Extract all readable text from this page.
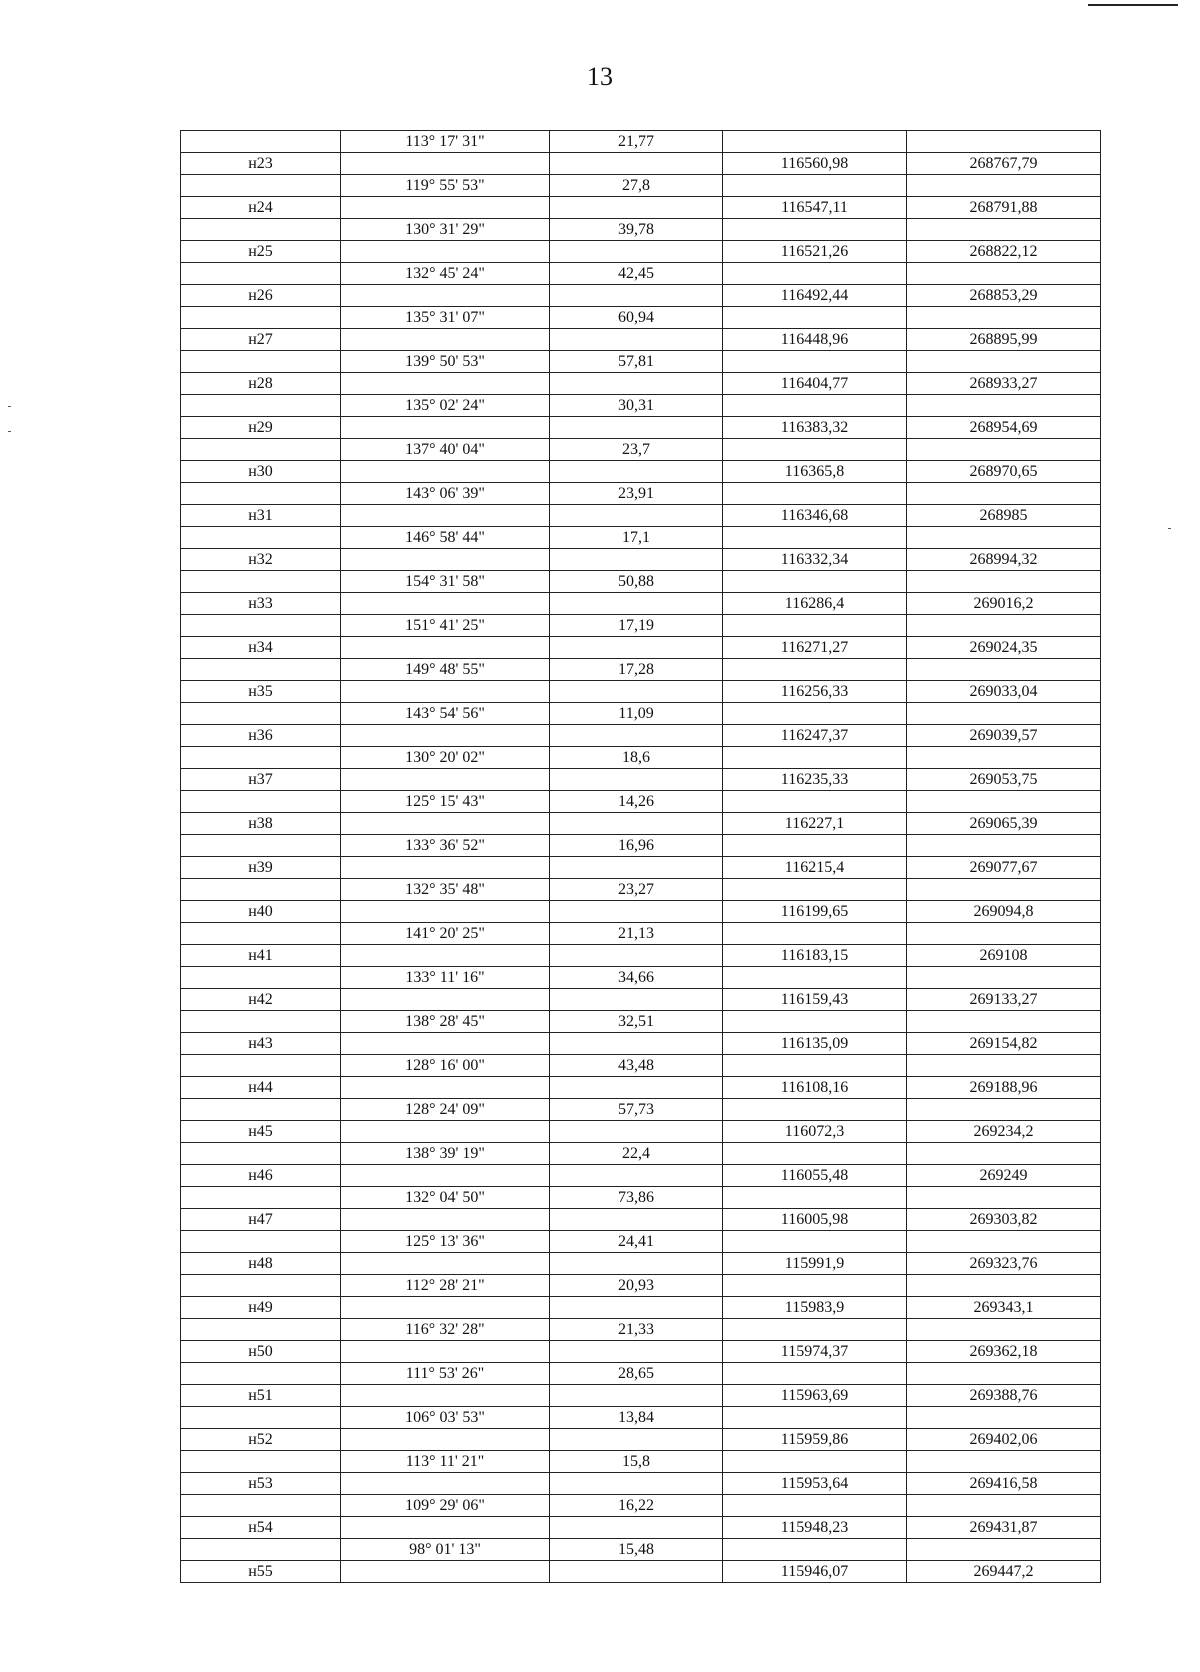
13
	113° 17' 31"	21,77		
н23			116560,98	268767,79
	119° 55' 53"	27,8		
н24			116547,11	268791,88
	130° 31' 29"	39,78		
н25			116521,26	268822,12
	132° 45' 24"	42,45		
н26			116492,44	268853,29
	135° 31' 07"	60,94		
н27			116448,96	268895,99
	139° 50' 53"	57,81		
н28			116404,77	268933,27
	135° 02' 24"	30,31		
н29			116383,32	268954,69
	137° 40' 04"	23,7		
н30			116365,8	268970,65
	143° 06' 39"	23,91		
н31			116346,68	268985
	146° 58' 44"	17,1		
н32			116332,34	268994,32
	154° 31' 58"	50,88		
н33			116286,4	269016,2
	151° 41' 25"	17,19		
н34			116271,27	269024,35
	149° 48' 55"	17,28		
н35			116256,33	269033,04
	143° 54' 56"	11,09		
н36			116247,37	269039,57
	130° 20' 02"	18,6		
н37			116235,33	269053,75
	125° 15' 43"	14,26		
н38			116227,1	269065,39
	133° 36' 52"	16,96		
н39			116215,4	269077,67
	132° 35' 48"	23,27		
н40			116199,65	269094,8
	141° 20' 25"	21,13		
н41			116183,15	269108
	133° 11' 16"	34,66		
н42			116159,43	269133,27
	138° 28' 45"	32,51		
н43			116135,09	269154,82
	128° 16' 00"	43,48		
н44			116108,16	269188,96
	128° 24' 09"	57,73		
н45			116072,3	269234,2
	138° 39' 19"	22,4		
н46			116055,48	269249
	132° 04' 50"	73,86		
н47			116005,98	269303,82
	125° 13' 36"	24,41		
н48			115991,9	269323,76
	112° 28' 21"	20,93		
н49			115983,9	269343,1
	116° 32' 28"	21,33		
н50			115974,37	269362,18
	111° 53' 26"	28,65		
н51			115963,69	269388,76
	106° 03' 53"	13,84		
н52			115959,86	269402,06
	113° 11' 21"	15,8		
н53			115953,64	269416,58
	109° 29' 06"	16,22		
н54			115948,23	269431,87
	98° 01' 13"	15,48		
н55			115946,07	269447,2
